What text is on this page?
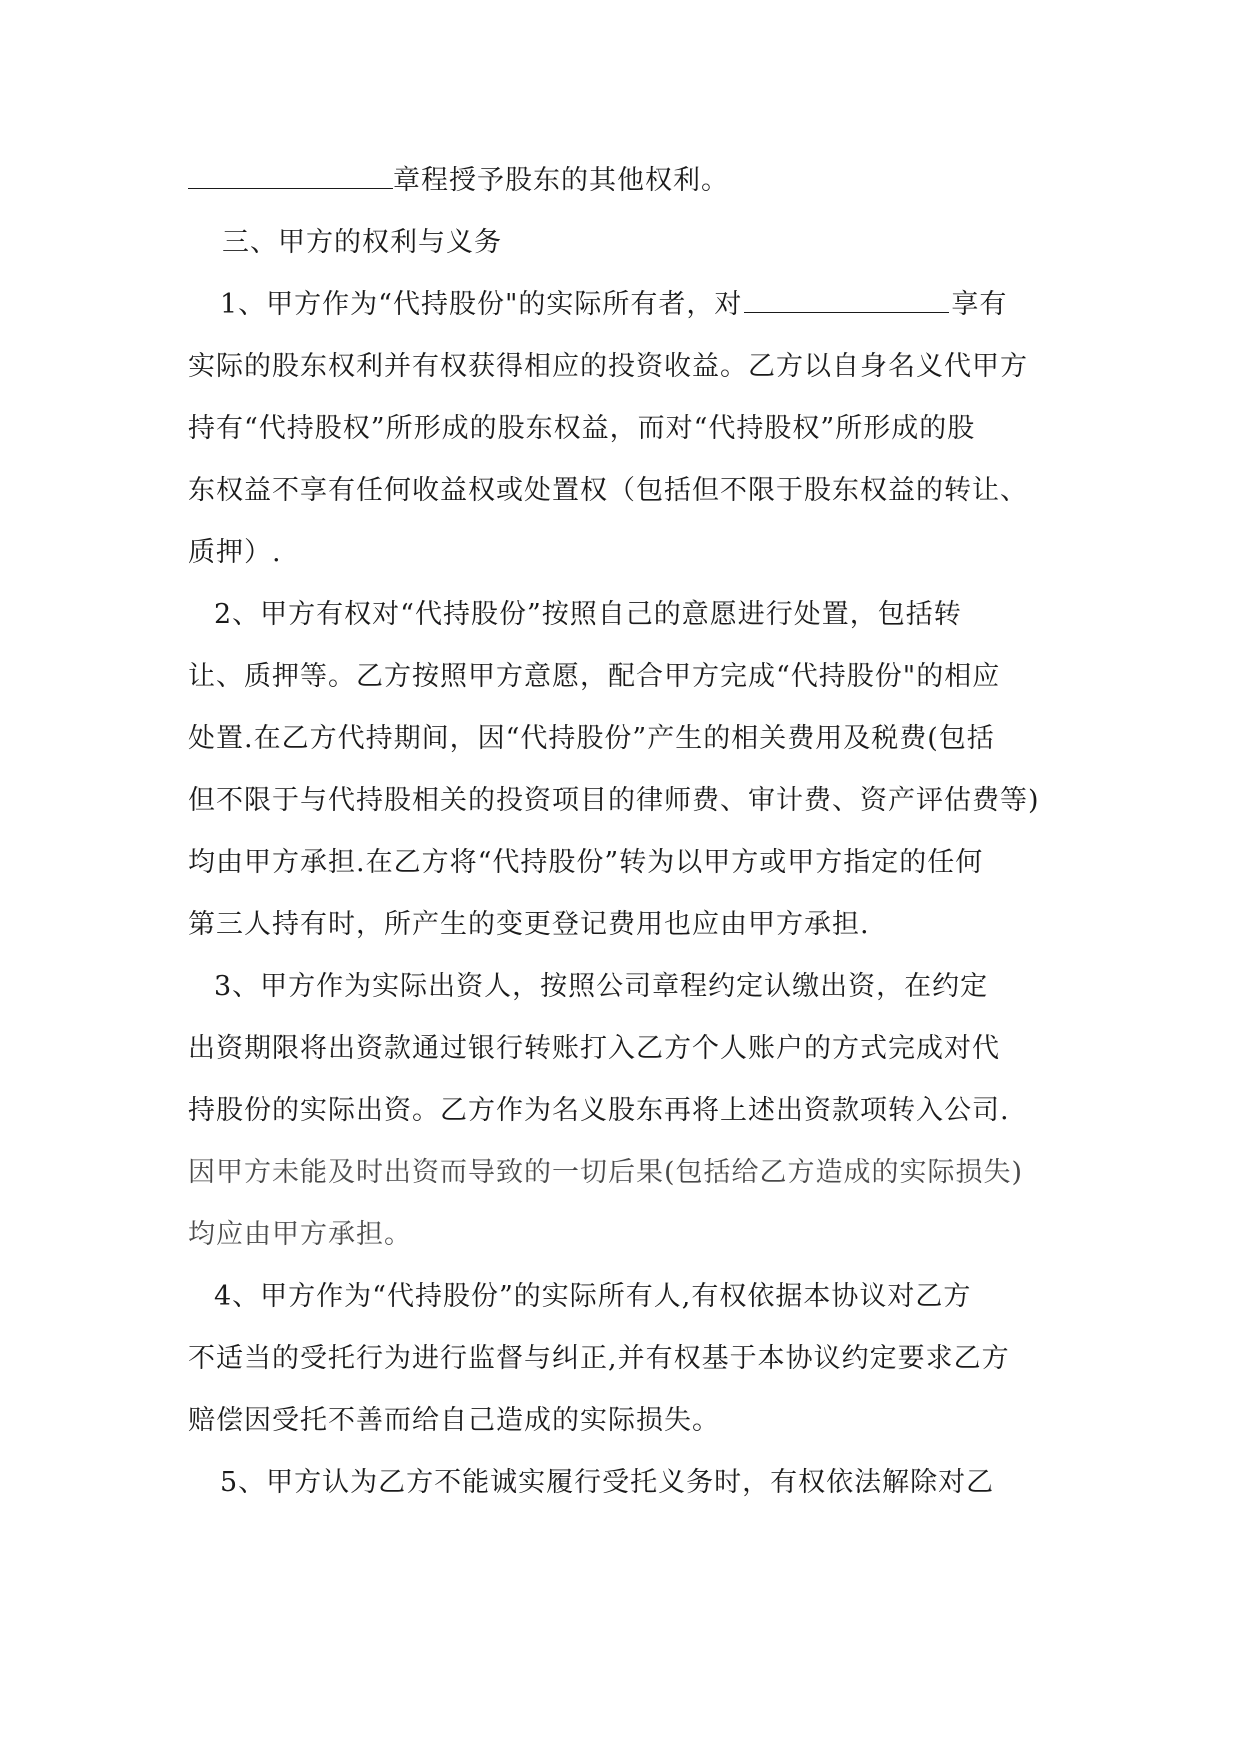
章程授予股东的其他权利。
三、甲方的权利与义务
1、甲方作为“代持股份"的实际所有者，对	享有
实际的股东权利并有权获得相应的投资收益。乙方以自身名义代甲方
持有“代持股权”所形成的股东权益，而对“代持股权”所形成的股
东权益不享有任何收益权或处置权（包括但不限于股东权益的转让、
质押）.
2、甲方有权对“代持股份”按照自己的意愿进行处置，包括转
让、质押等。乙方按照甲方意愿，配合甲方完成“代持股份"的相应
处置.在乙方代持期间，因“代持股份”产生的相关费用及税费(包括
但不限于与代持股相关的投资项目的律师费、审计费、资产评估费等)
均由甲方承担.在乙方将“代持股份”转为以甲方或甲方指定的任何
第三人持有时，所产生的变更登记费用也应由甲方承担.
3、甲方作为实际出资人，按照公司章程约定认缴出资，在约定
出资期限将出资款通过银行转账打入乙方个人账户的方式完成对代
持股份的实际出资。乙方作为名义股东再将上述出资款项转入公司.
因甲方未能及时出资而导致的一切后果(包括给乙方造成的实际损失)
均应由甲方承担。
4、甲方作为“代持股份”的实际所有人,有权依据本协议对乙方
不适当的受托行为进行监督与纠正,并有权基于本协议约定要求乙方
赔偿因受托不善而给自己造成的实际损失。
5、甲方认为乙方不能诚实履行受托义务时，有权依法解除对乙
